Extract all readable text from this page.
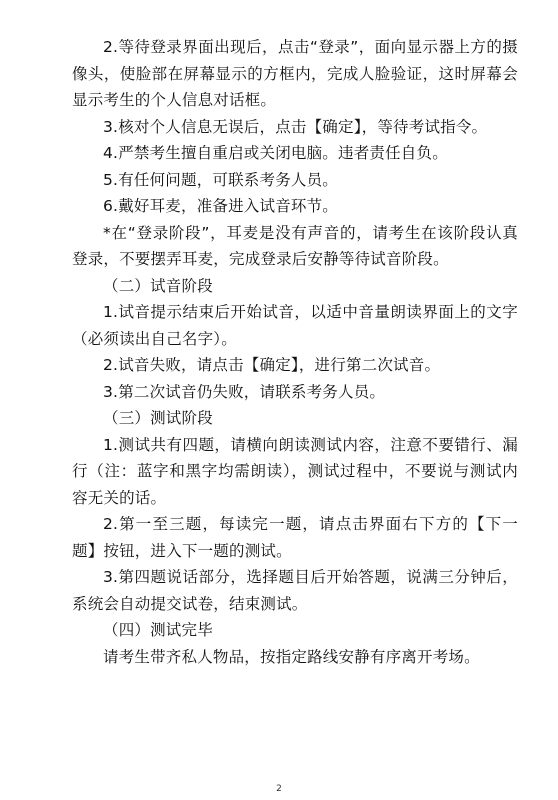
2.等待登录界面出现后，点击“登录”，面向显示器上方的摄像头，使脸部在屏幕显示的方框内，完成人脸验证，这时屏幕会显示考生的个人信息对话框。

3.核对个人信息无误后，点击【确定】，等待考试指令。

4.严禁考生擅自重启或关闭电脑。违者责任自负。

5.有任何问题，可联系考务人员。

6.戴好耳麦，准备进入试音环节。

*在“登录阶段”，耳麦是没有声音的，请考生在该阶段认真登录，不要摆弄耳麦，完成登录后安静等待试音阶段。

（二）试音阶段

1.试音提示结束后开始试音，以适中音量朗读界面上的文字（必须读出自己名字）。

2.试音失败，请点击【确定】，进行第二次试音。

3.第二次试音仍失败，请联系考务人员。

（三）测试阶段

1.测试共有四题，请横向朗读测试内容，注意不要错行、漏行（注：蓝字和黑字均需朗读），测试过程中，不要说与测试内容无关的话。

2.第一至三题，每读完一题，请点击界面右下方的【下一题】按钮，进入下一题的测试。

3.第四题说话部分，选择题目后开始答题，说满三分钟后，系统会自动提交试卷，结束测试。

（四）测试完毕

请考生带齐私人物品，按指定路线安静有序离开考场。

2
